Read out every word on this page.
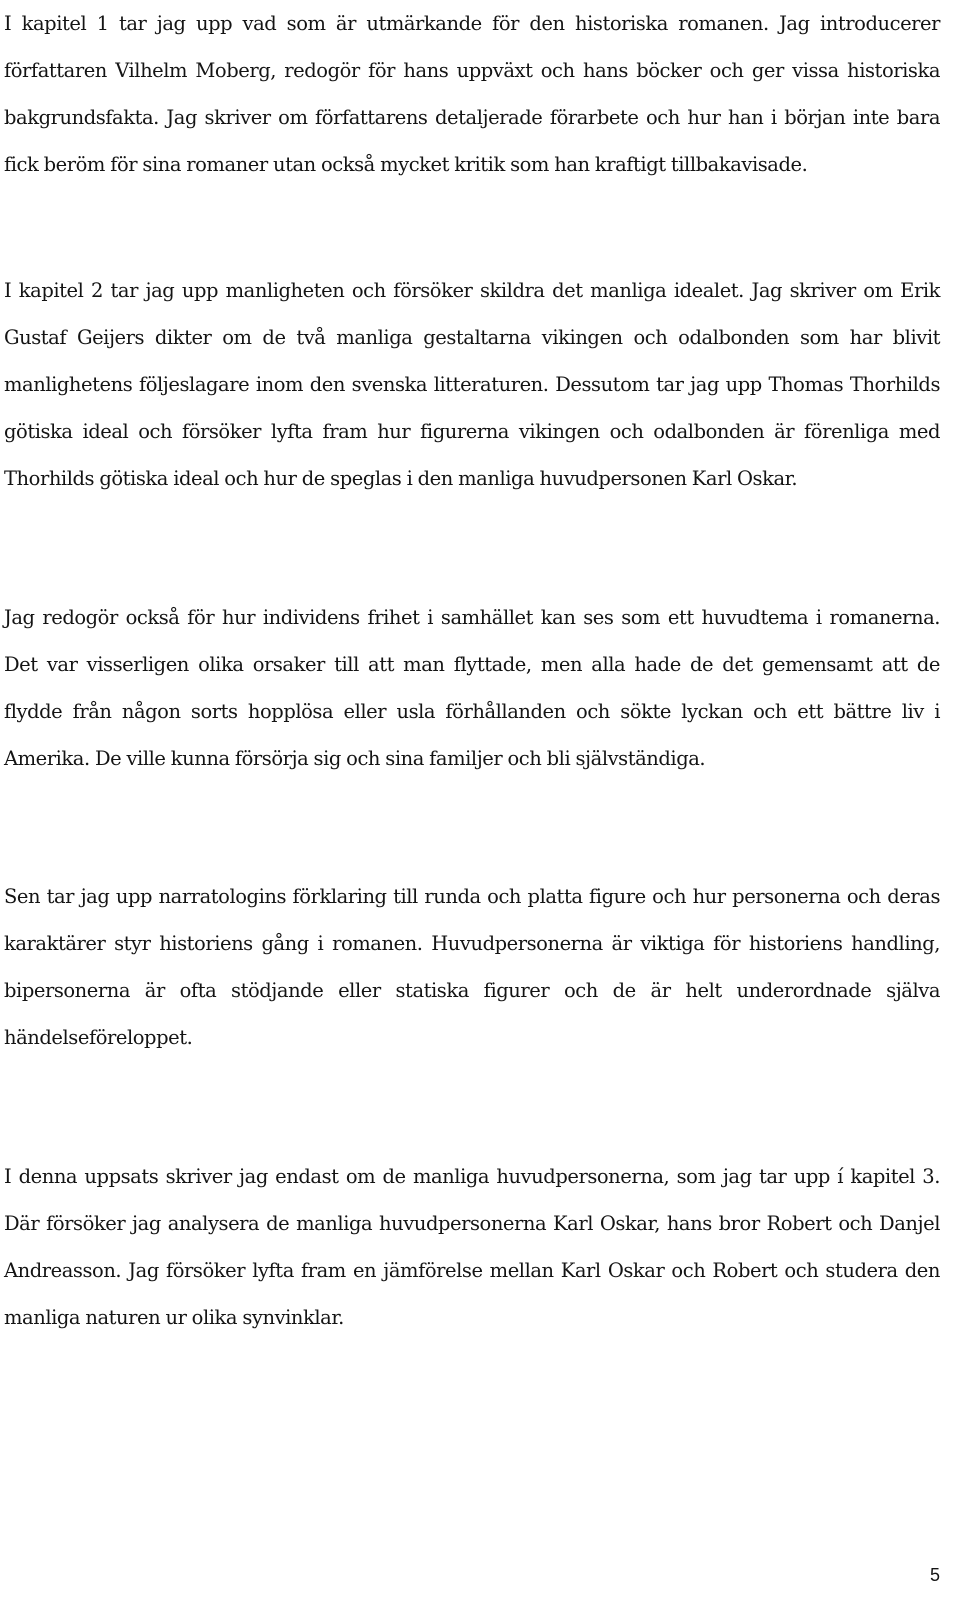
I kapitel 1 tar jag upp vad som är utmärkande för den historiska romanen. Jag introducerer författaren Vilhelm Moberg, redogör för hans uppväxt och hans böcker och ger vissa historiska bakgrundsfakta. Jag skriver om författarens detaljerade förarbete och hur han i början inte bara fick beröm för sina romaner utan också mycket kritik som han kraftigt tillbakavisade.

I kapitel 2 tar jag upp manligheten och försöker skildra det manliga idealet. Jag skriver om Erik Gustaf Geijers dikter om de två manliga gestaltarna vikingen och odalbonden som har blivit manlighetens följeslagare inom den svenska litteraturen. Dessutom tar jag upp Thomas Thorhilds götiska ideal och försöker lyfta fram hur figurerna vikingen och odalbonden är förenliga med Thorhilds götiska ideal och hur de speglas i den manliga huvudpersonen Karl Oskar.

Jag redogör också för hur individens frihet i samhället kan ses som ett huvudtema i romanerna. Det var visserligen olika orsaker till att man flyttade, men alla hade de det gemensamt att de flydde från någon sorts hopplösa eller usla förhållanden och sökte lyckan och ett bättre liv i Amerika. De ville kunna försörja sig och sina familjer och bli självständiga.

Sen tar jag upp narratologins förklaring till runda och platta figure och hur personerna och deras karaktärer styr historiens gång i romanen. Huvudpersonerna är viktiga för historiens handling, bipersonerna är ofta stödjande eller statiska figurer och de är helt underordnade själva händelseföreloppet.

I denna uppsats skriver jag endast om de manliga huvudpersonerna, som jag tar upp í kapitel 3. Där försöker jag analysera de manliga huvudpersonerna Karl Oskar, hans bror Robert och Danjel Andreasson. Jag försöker lyfta fram en jämförelse mellan Karl Oskar och Robert och studera den manliga naturen ur olika synvinklar.

5
